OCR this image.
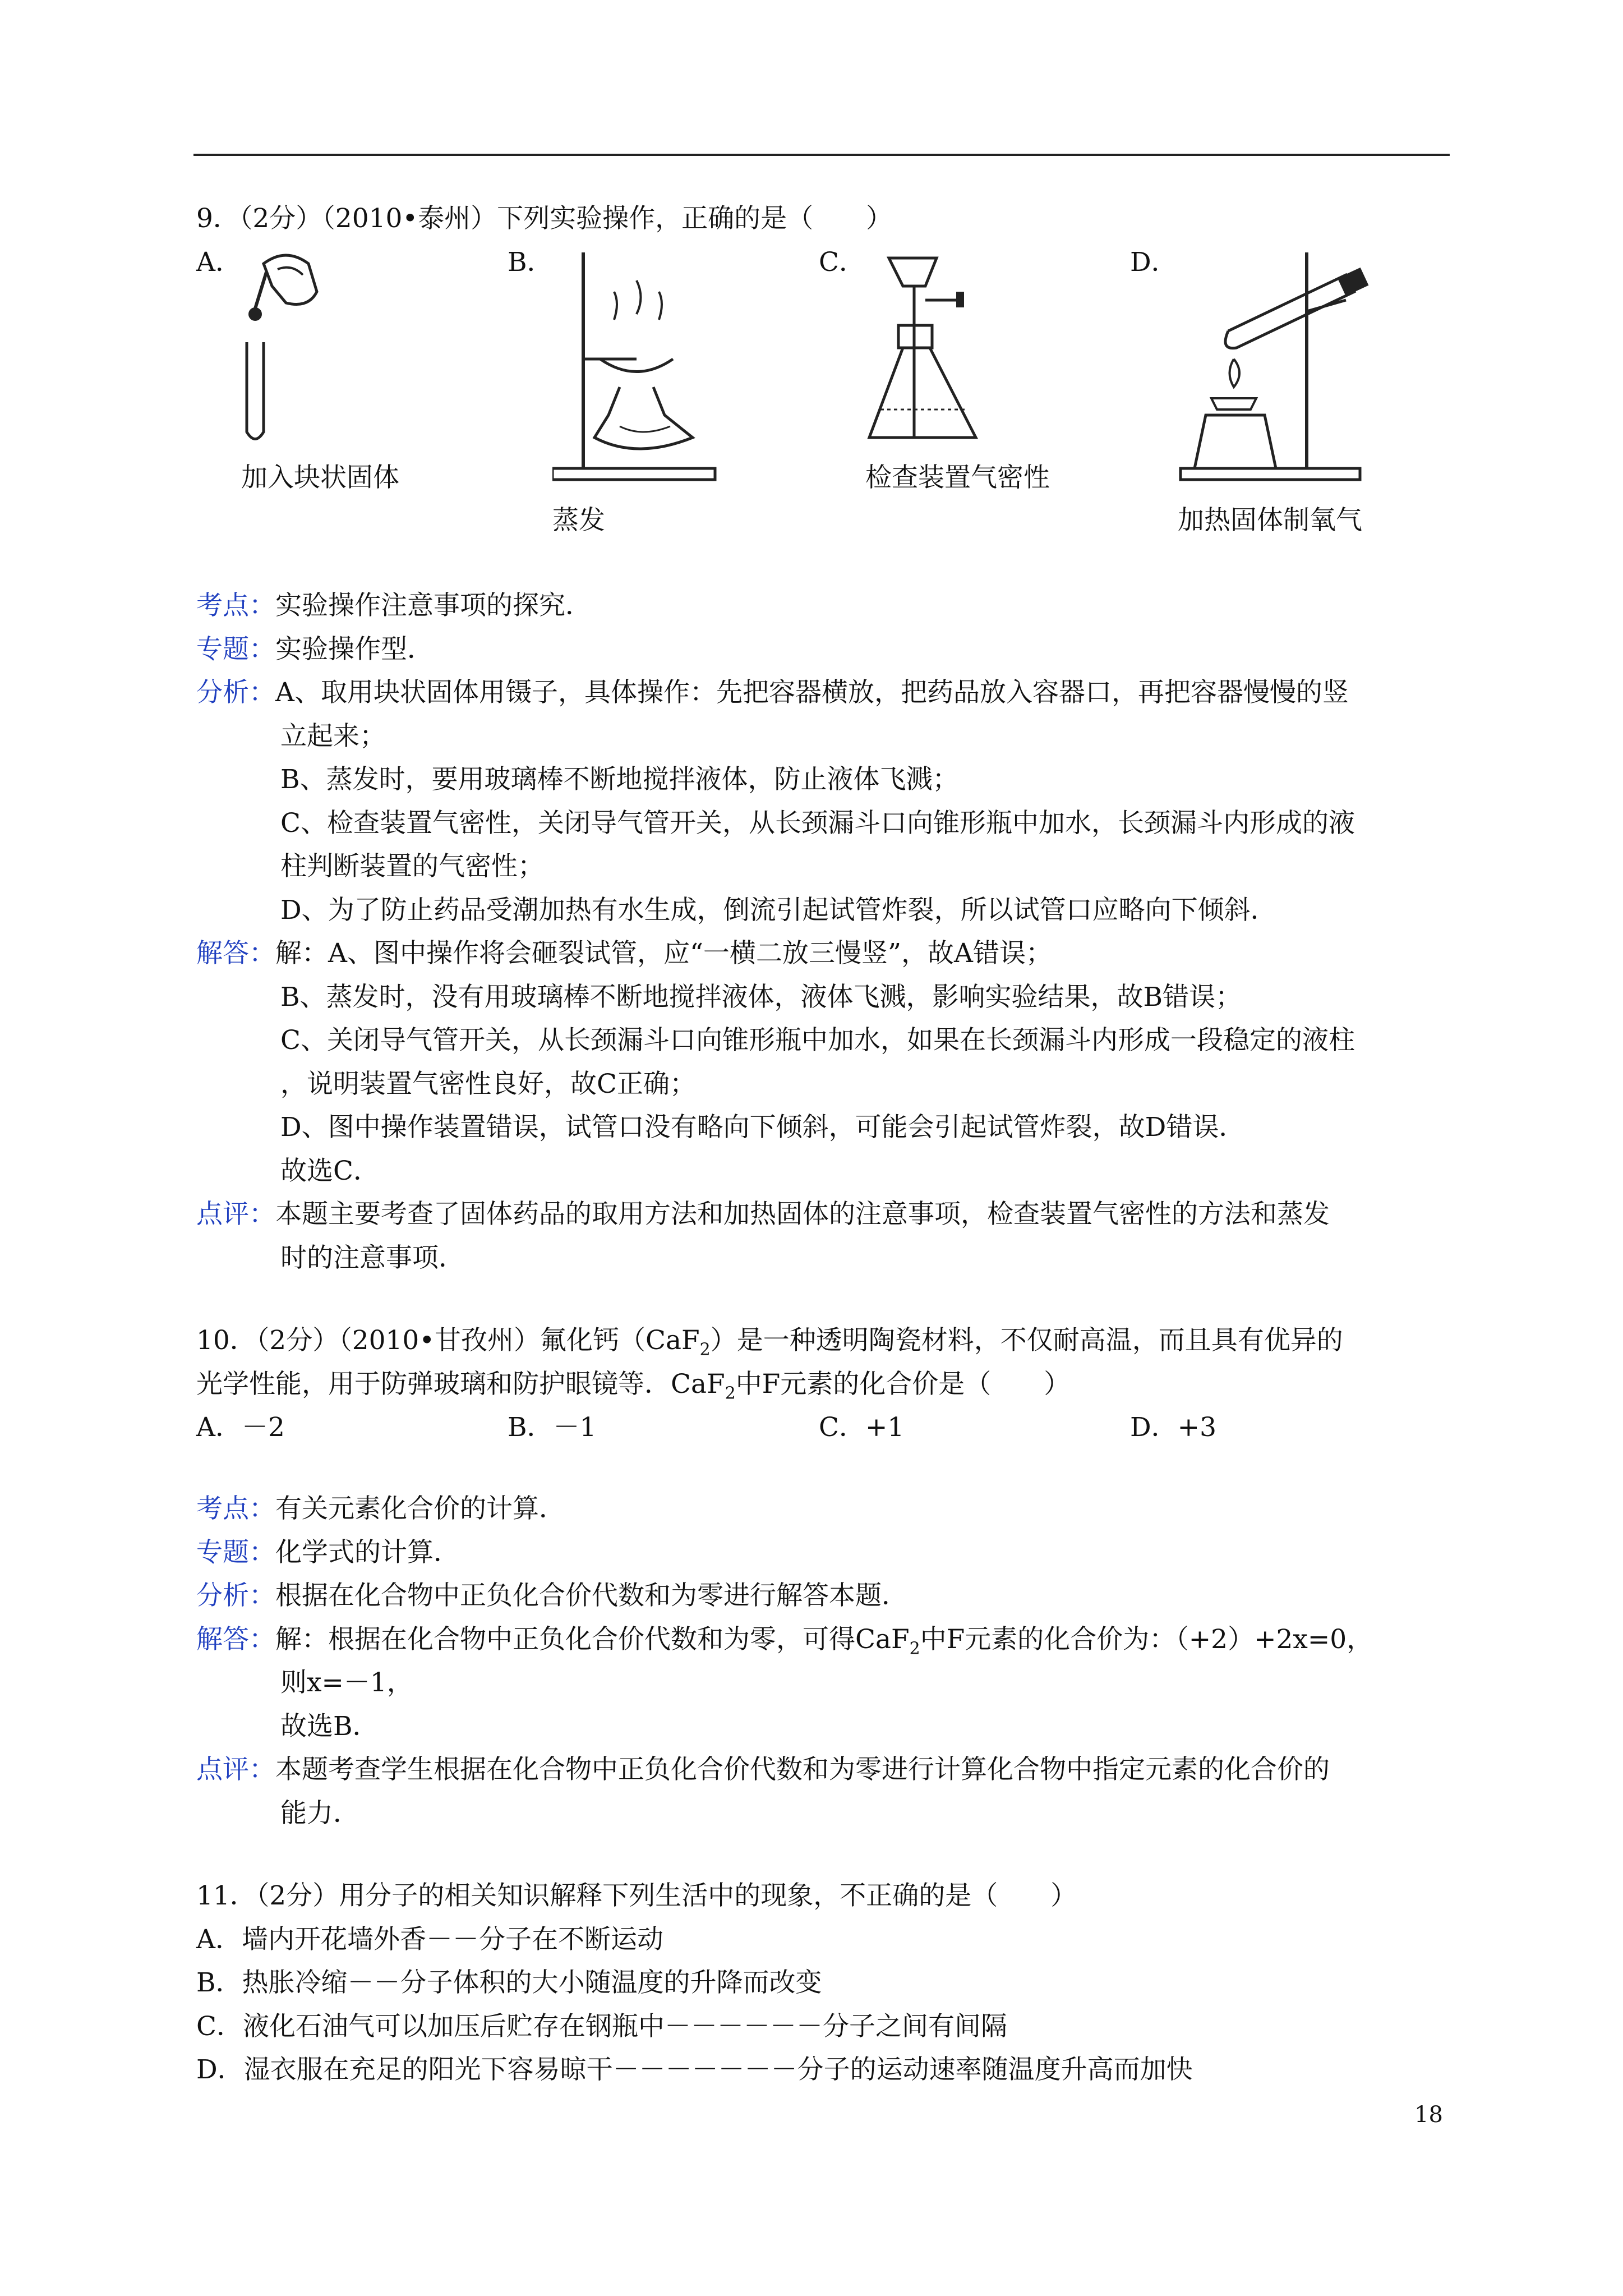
9．（2分）（2010•泰州）下列实验操作，正确的是（　　）
A．	B．	C．	D．
加入块状固体
蒸发
检查装置气密性
加热固体制氧气
考点：实验操作注意事项的探究．
专题：实验操作型．
分析：A、取用块状固体用镊子，具体操作：先把容器横放，把药品放入容器口，再把容器慢慢的竖
立起来；
B、蒸发时，要用玻璃棒不断地搅拌液体，防止液体飞溅；
C、检查装置气密性，关闭导气管开关，从长颈漏斗口向锥形瓶中加水，长颈漏斗内形成的液
柱判断装置的气密性；
D、为了防止药品受潮加热有水生成，倒流引起试管炸裂，所以试管口应略向下倾斜．
解答：解：A、图中操作将会砸裂试管，应“一横二放三慢竖”，故A错误；
B、蒸发时，没有用玻璃棒不断地搅拌液体，液体飞溅，影响实验结果，故B错误；
C、关闭导气管开关，从长颈漏斗口向锥形瓶中加水，如果在长颈漏斗内形成一段稳定的液柱
，说明装置气密性良好，故C正确；
D、图中操作装置错误，试管口没有略向下倾斜，可能会引起试管炸裂，故D错误．
故选C．
点评：本题主要考查了固体药品的取用方法和加热固体的注意事项，检查装置气密性的方法和蒸发
时的注意事项．
10．（2分）（2010•甘孜州）氟化钙（CaF$_2$）是一种透明陶瓷材料，不仅耐高温，而且具有优异的
光学性能，用于防弹玻璃和防护眼镜等．CaF$_2$中F元素的化合价是（　　）
A．－2	B．－1	C．+1	D．+3
考点：有关元素化合价的计算．
专题：化学式的计算．
分析：根据在化合物中正负化合价代数和为零进行解答本题．
解答：解：根据在化合物中正负化合价代数和为零，可得CaF$_2$中F元素的化合价为：（+2）+2x=0，
则x=－1，
故选B．
点评：本题考查学生根据在化合物中正负化合价代数和为零进行计算化合物中指定元素的化合价的
能力．
11．（2分）用分子的相关知识解释下列生活中的现象，不正确的是（　　）
A．墙内开花墙外香－－分子在不断运动
B．热胀冷缩－－分子体积的大小随温度的升降而改变
C．液化石油气可以加压后贮存在钢瓶中－－－－－－分子之间有间隔
D．湿衣服在充足的阳光下容易晾干－－－－－－－分子的运动速率随温度升高而加快
18
